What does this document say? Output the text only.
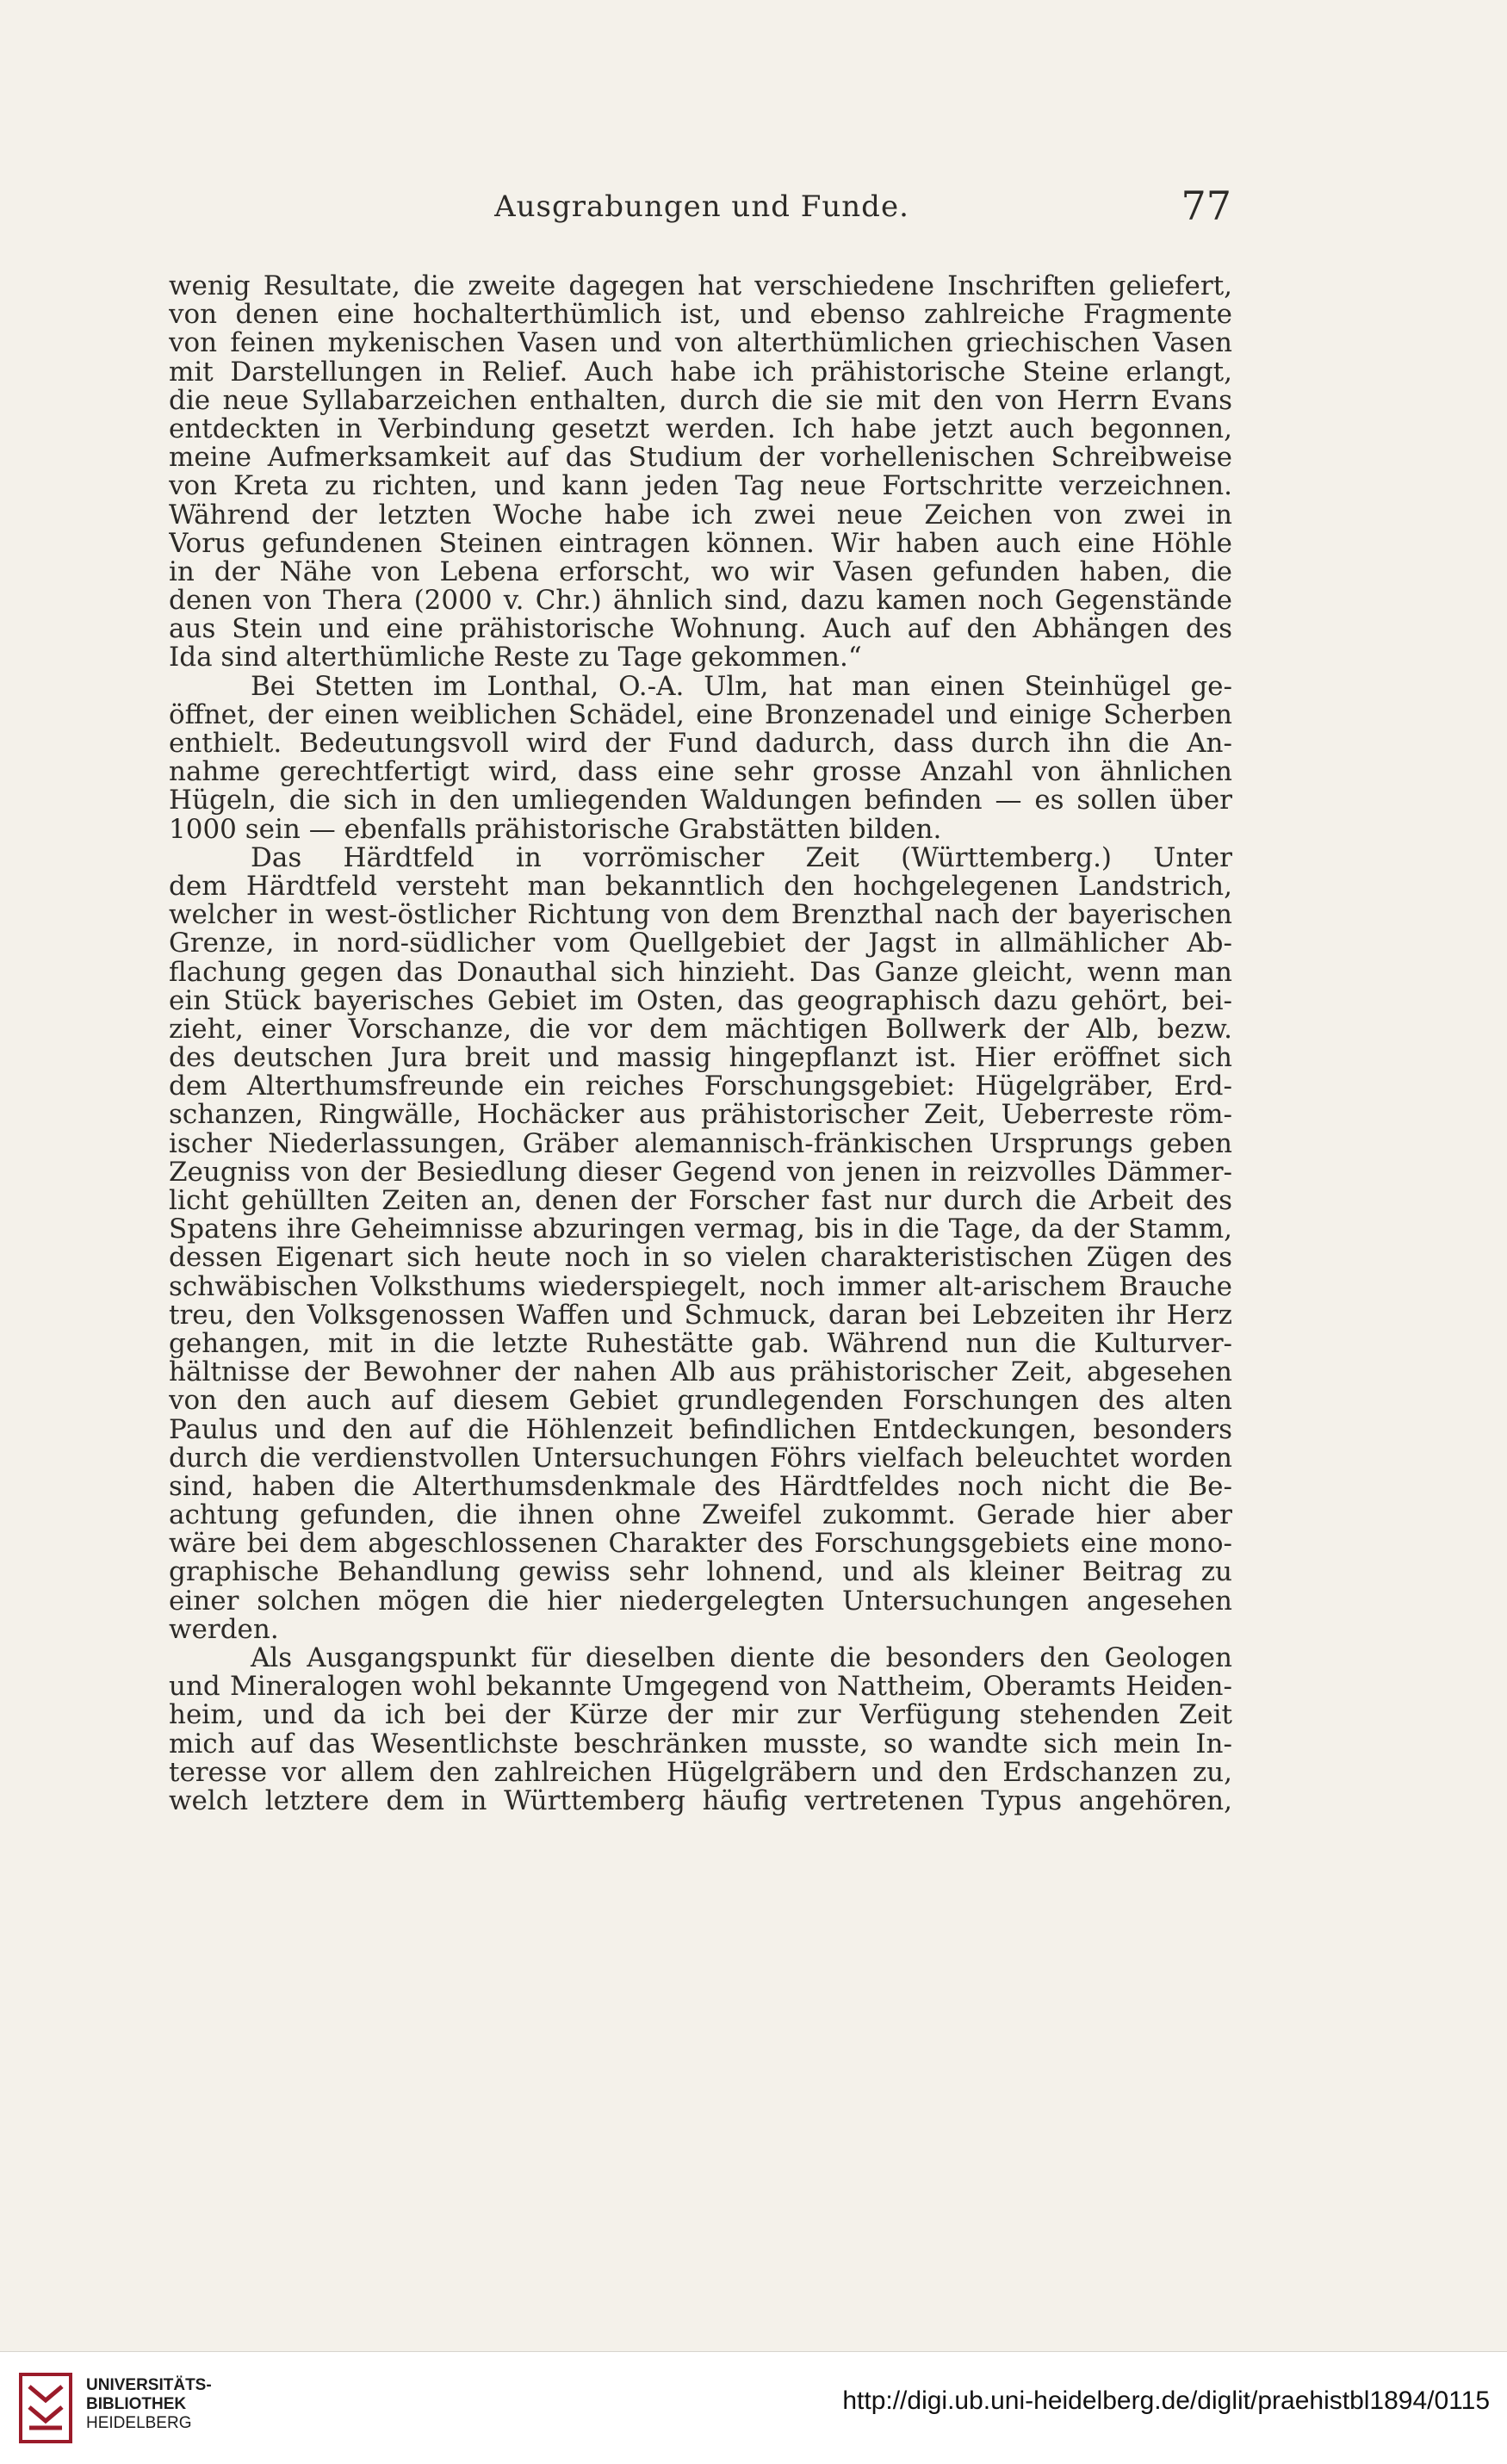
Ausgrabungen und Funde.	77
wenig Resultate, die zweite dagegen hat verschiedene Inschriften geliefert,
von denen eine hochalterthümlich ist, und ebenso zahlreiche Fragmente
von feinen mykenischen Vasen und von alterthümlichen griechischen Vasen
mit Darstellungen in Relief. Auch habe ich prähistorische Steine erlangt,
die neue Syllabarzeichen enthalten, durch die sie mit den von Herrn Evans
entdeckten in Verbindung gesetzt werden. Ich habe jetzt auch begonnen,
meine Aufmerksamkeit auf das Studium der vorhellenischen Schreibweise
von Kreta zu richten, und kann jeden Tag neue Fortschritte verzeichnen.
Während der letzten Woche habe ich zwei neue Zeichen von zwei in
Vorus gefundenen Steinen eintragen können. Wir haben auch eine Höhle
in der Nähe von Lebena erforscht, wo wir Vasen gefunden haben, die
denen von Thera (2000 v. Chr.) ähnlich sind, dazu kamen noch Gegenstände
aus Stein und eine prähistorische Wohnung. Auch auf den Abhängen des
Ida sind alterthümliche Reste zu Tage gekommen.“
Bei Stetten im Lonthal, O.-A. Ulm, hat man einen Steinhügel ge-
öffnet, der einen weiblichen Schädel, eine Bronzenadel und einige Scherben
enthielt. Bedeutungsvoll wird der Fund dadurch, dass durch ihn die An-
nahme gerechtfertigt wird, dass eine sehr grosse Anzahl von ähnlichen
Hügeln, die sich in den umliegenden Waldungen befinden — es sollen über
1000 sein — ebenfalls prähistorische Grabstätten bilden.
Das Härdtfeld in vorrömischer Zeit (Württemberg.) Unter
dem Härdtfeld versteht man bekanntlich den hochgelegenen Landstrich,
welcher in west-östlicher Richtung von dem Brenzthal nach der bayerischen
Grenze, in nord-südlicher vom Quellgebiet der Jagst in allmählicher Ab-
flachung gegen das Donauthal sich hinzieht. Das Ganze gleicht, wenn man
ein Stück bayerisches Gebiet im Osten, das geographisch dazu gehört, bei-
zieht, einer Vorschanze, die vor dem mächtigen Bollwerk der Alb, bezw.
des deutschen Jura breit und massig hingepflanzt ist. Hier eröffnet sich
dem Alterthumsfreunde ein reiches Forschungsgebiet: Hügelgräber, Erd-
schanzen, Ringwälle, Hochäcker aus prähistorischer Zeit, Ueberreste röm-
ischer Niederlassungen, Gräber alemannisch-fränkischen Ursprungs geben
Zeugniss von der Besiedlung dieser Gegend von jenen in reizvolles Dämmer-
licht gehüllten Zeiten an, denen der Forscher fast nur durch die Arbeit des
Spatens ihre Geheimnisse abzuringen vermag, bis in die Tage, da der Stamm,
dessen Eigenart sich heute noch in so vielen charakteristischen Zügen des
schwäbischen Volksthums wiederspiegelt, noch immer alt-arischem Brauche
treu, den Volksgenossen Waffen und Schmuck, daran bei Lebzeiten ihr Herz
gehangen, mit in die letzte Ruhestätte gab. Während nun die Kulturver-
hältnisse der Bewohner der nahen Alb aus prähistorischer Zeit, abgesehen
von den auch auf diesem Gebiet grundlegenden Forschungen des alten
Paulus und den auf die Höhlenzeit befindlichen Entdeckungen, besonders
durch die verdienstvollen Untersuchungen Föhrs vielfach beleuchtet worden
sind, haben die Alterthumsdenkmale des Härdtfeldes noch nicht die Be-
achtung gefunden, die ihnen ohne Zweifel zukommt. Gerade hier aber
wäre bei dem abgeschlossenen Charakter des Forschungsgebiets eine mono-
graphische Behandlung gewiss sehr lohnend, und als kleiner Beitrag zu
einer solchen mögen die hier niedergelegten Untersuchungen angesehen
werden.
Als Ausgangspunkt für dieselben diente die besonders den Geologen
und Mineralogen wohl bekannte Umgegend von Nattheim, Oberamts Heiden-
heim, und da ich bei der Kürze der mir zur Verfügung stehenden Zeit
mich auf das Wesentlichste beschränken musste, so wandte sich mein In-
teresse vor allem den zahlreichen Hügelgräbern und den Erdschanzen zu,
welch letztere dem in Württemberg häufig vertretenen Typus angehören,
UNIVERSITÄTS-
BIBLIOTHEK
HEIDELBERG
http://digi.ub.uni-heidelberg.de/diglit/praehistbl1894/0115
